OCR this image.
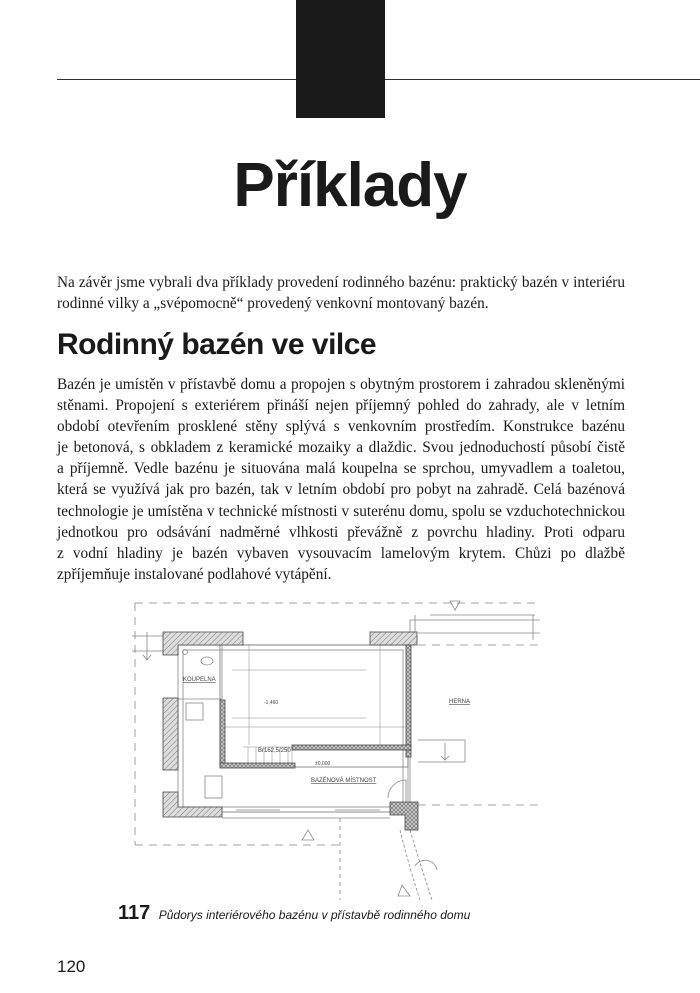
Příklady
Na závěr jsme vybrali dva příklady provedení rodinného bazénu: praktický bazén v interiéru
rodinné vilky a „svépomocně“ provedený venkovní montovaný bazén.
Rodinný bazén ve vilce
Bazén je umístěn v přístavbě domu a propojen s obytným prostorem i zahradou skleněnými
stěnami. Propojení s exteriérem přináší nejen příjemný pohled do zahrady, ale v letním
období otevřením prosklené stěny splývá s venkovním prostředím. Konstrukce bazénu
je betonová, s obkladem z keramické mozaiky a dlaždic. Svou jednoduchostí působí čistě
a příjemně. Vedle bazénu je situována malá koupelna se sprchou, umyvadlem a toaletou,
která se využívá jak pro bazén, tak v letním období pro pobyt na zahradě. Celá bazénová
technologie je umístěna v technické místnosti v suterénu domu, spolu se vzduchotechnickou
jednotkou pro odsávání nadměrné vlhkosti převážně z povrchu hladiny. Proti odparu
z vodní hladiny je bazén vybaven vysouvacím lamelovým krytem. Chůzi po dlažbě
zpříjemňuje instalované podlahové vytápění.
KOUPELNA
HERNA
BAZÉNOVÁ MÍSTNOST
Br162,5/250
-1,460
±0,000
117 Půdorys interiérového bazénu v přístavbě rodinného domu
120
